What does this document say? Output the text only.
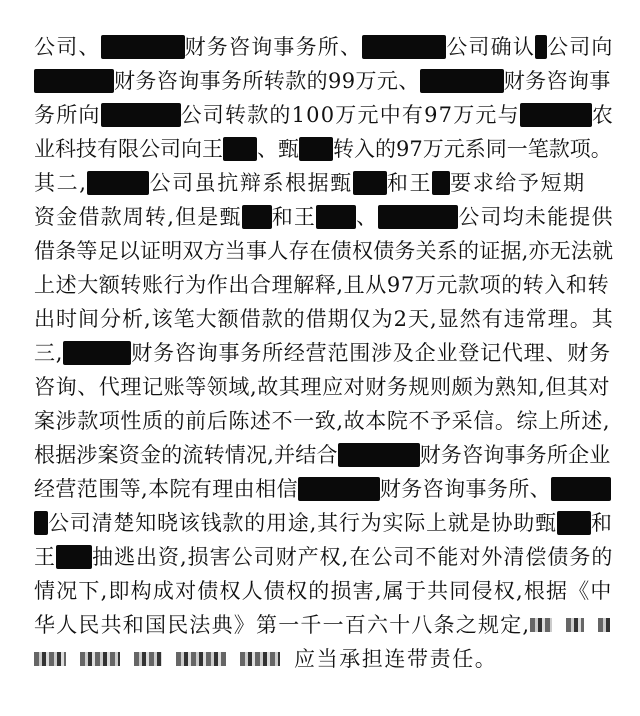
公司、	财务咨询事务所、	公司确认 公司向
财务咨询事务所转款的99万元、	财务咨询事
务所向	公司转款的100万元中有97万元与	农
业科技有限公司向王 、甄 转入的97万元系同一笔款项。
其二,	公司虽抗辩系根据甄 和王 要求给予短期
资金借款周转,但是甄 和王 、	公司均未能提供
借条等足以证明双方当事人存在债权债务关系的证据,亦无法就
上述大额转账行为作出合理解释,且从97万元款项的转入和转
出时间分析,该笔大额借款的借期仅为2天,显然有违常理。其
三,	财务咨询事务所经营范围涉及企业登记代理、财务
咨询、代理记账等领域,故其理应对财务规则颇为熟知,但其对
案涉款项性质的前后陈述不一致,故本院不予采信。综上所述,
根据涉案资金的流转情况,并结合	财务咨询事务所企业
经营范围等,本院有理由相信	财务咨询事务所、
公司清楚知晓该钱款的用途,其行为实际上就是协助甄 和
王 抽逃出资,损害公司财产权,在公司不能对外清偿债务的
情况下,即构成对债权人债权的损害,属于共同侵权,根据《中
华人民共和国民法典》第一千一百六十八条之规定,
应当承担连带责任。
